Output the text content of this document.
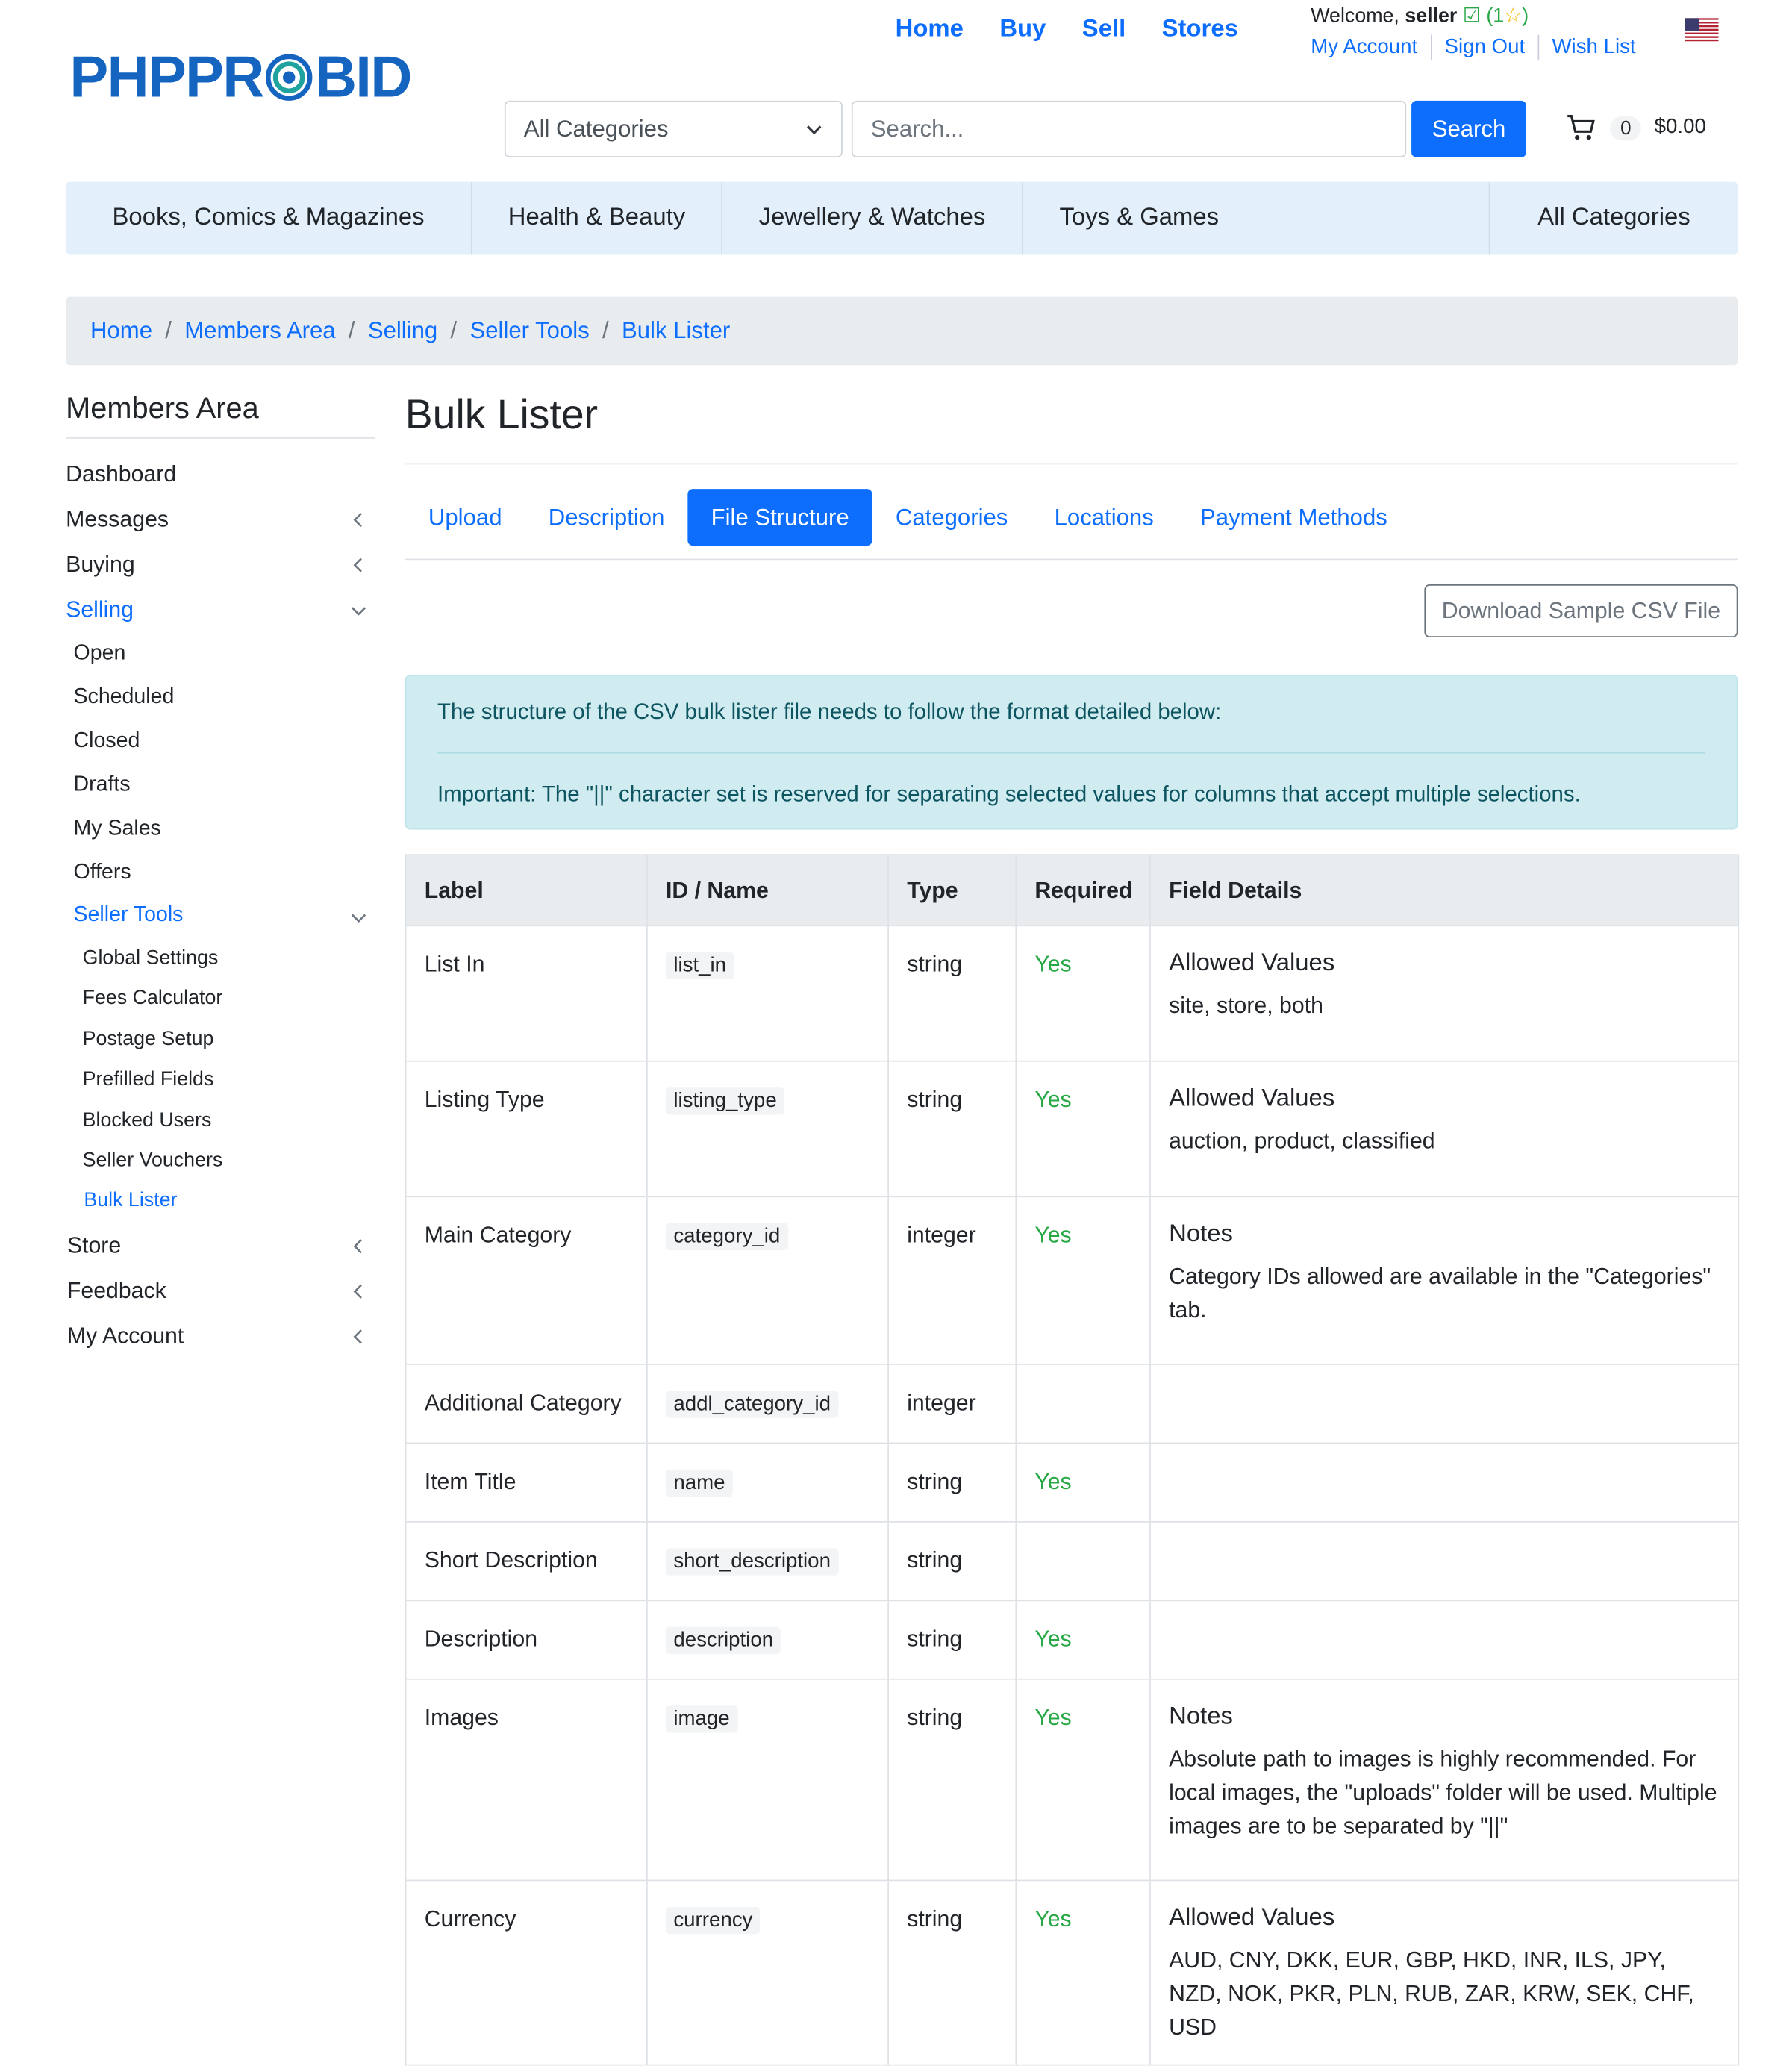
PHPPR BID
Home	Buy	Sell	Stores	Welcome, seller ☑ (1☆)
My Account	Sign Out	Wish List
All Categories
Search...	Search	0	$0.00
Books, Comics & Magazines	Health & Beauty	Jewellery & Watches	Toys & Games	All Categories
Home / Members Area / Selling / Seller Tools / Bulk Lister
Members Area
Dashboard
Messages
Buying
Selling
Open
Scheduled
Closed
Drafts
My Sales
Offers
Seller Tools
Global Settings
Fees Calculator
Postage Setup
Prefilled Fields
Blocked Users
Seller Vouchers
Bulk Lister
Store
Feedback
My Account
Bulk Lister
Upload	Description	File Structure	Categories	Locations	Payment Methods
Download Sample CSV File
The structure of the CSV bulk lister file needs to follow the format detailed below:
Important: The "||" character set is reserved for separating selected values for columns that accept multiple selections.
Label	ID / Name	Type	Required	Field Details
List In	list_in	string	Yes	Allowed Values
site, store, both

Listing Type	listing_type	string	Yes	Allowed Values
auction, product, classified

Main Category	category_id	integer	Yes	Notes
Category IDs allowed are available in the "Categories" tab.

Additional Category	addl_category_id	integer		
Item Title	name	string	Yes	
Short Description	short_description	string		
Description	description	string	Yes	
Images	image	string	Yes	Notes
Absolute path to images is highly recommended. For local images, the "uploads" folder will be used. Multiple images are to be separated by "||"

Currency	currency	string	Yes	Allowed Values
AUD, CNY, DKK, EUR, GBP, HKD, INR, ILS, JPY, NZD, NOK, PKR, PLN, RUB, ZAR, KRW, SEK, CHF, USD
